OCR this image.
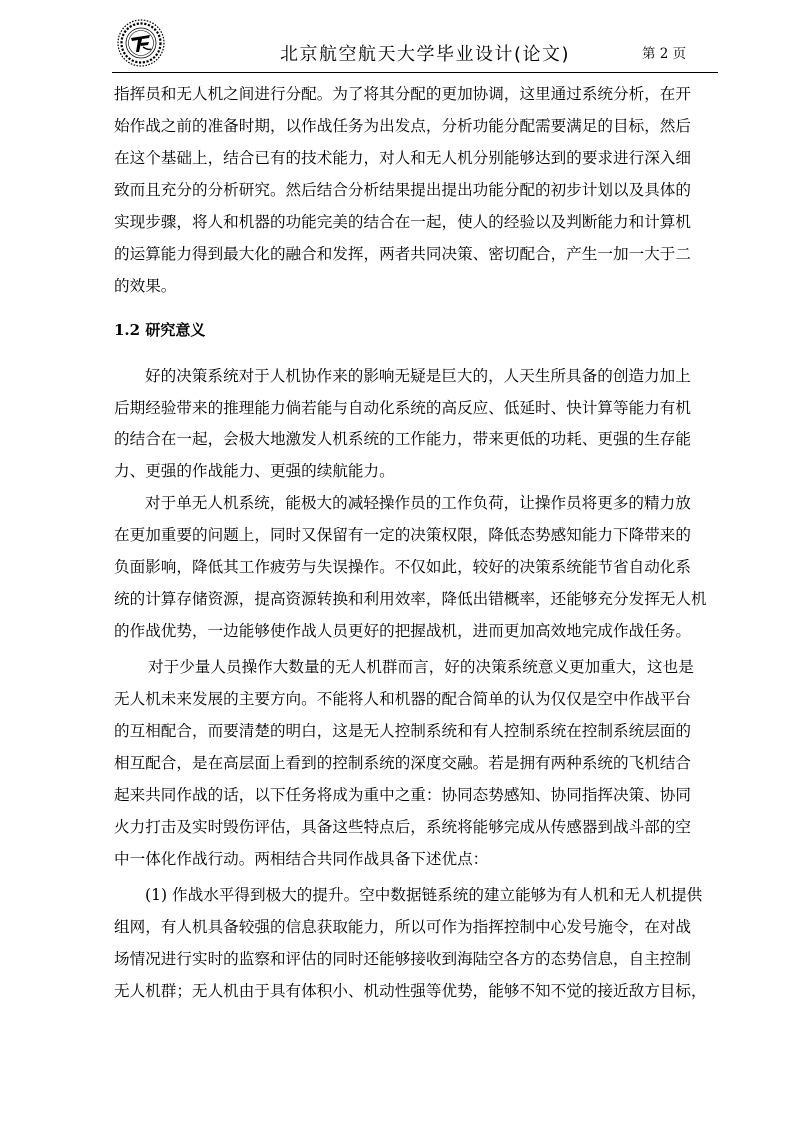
北京航空航天大学毕业设计(论文)	第 2 页
指挥员和无人机之间进行分配。为了将其分配的更加协调，这里通过系统分析，在开
始作战之前的准备时期，以作战任务为出发点，分析功能分配需要满足的目标，然后
在这个基础上，结合已有的技术能力，对人和无人机分别能够达到的要求进行深入细
致而且充分的分析研究。然后结合分析结果提出提出功能分配的初步计划以及具体的
实现步骤，将人和机器的功能完美的结合在一起，使人的经验以及判断能力和计算机
的运算能力得到最大化的融合和发挥，两者共同决策、密切配合，产生一加一大于二
的效果。
1.2 研究意义
好的决策系统对于人机协作来的影响无疑是巨大的，人天生所具备的创造力加上
后期经验带来的推理能力倘若能与自动化系统的高反应、低延时、快计算等能力有机
的结合在一起，会极大地激发人机系统的工作能力，带来更低的功耗、更强的生存能
力、更强的作战能力、更强的续航能力。
对于单无人机系统，能极大的减轻操作员的工作负荷，让操作员将更多的精力放
在更加重要的问题上，同时又保留有一定的决策权限，降低态势感知能力下降带来的
负面影响，降低其工作疲劳与失误操作。不仅如此，较好的决策系统能节省自动化系
统的计算存储资源，提高资源转换和利用效率，降低出错概率，还能够充分发挥无人机
的作战优势，一边能够使作战人员更好的把握战机，进而更加高效地完成作战任务。
对于少量人员操作大数量的无人机群而言，好的决策系统意义更加重大，这也是
无人机未来发展的主要方向。不能将人和机器的配合简单的认为仅仅是空中作战平台
的互相配合，而要清楚的明白，这是无人控制系统和有人控制系统在控制系统层面的
相互配合，是在高层面上看到的控制系统的深度交融。若是拥有两种系统的飞机结合
起来共同作战的话，以下任务将成为重中之重：协同态势感知、协同指挥决策、协同
火力打击及实时毁伤评估，具备这些特点后，系统将能够完成从传感器到战斗部的空
中一体化作战行动。两相结合共同作战具备下述优点：
(1) 作战水平得到极大的提升。空中数据链系统的建立能够为有人机和无人机提供
组网，有人机具备较强的信息获取能力，所以可作为指挥控制中心发号施令，在对战
场情况进行实时的监察和评估的同时还能够接收到海陆空各方的态势信息，自主控制
无人机群；无人机由于具有体积小、机动性强等优势，能够不知不觉的接近敌方目标，
